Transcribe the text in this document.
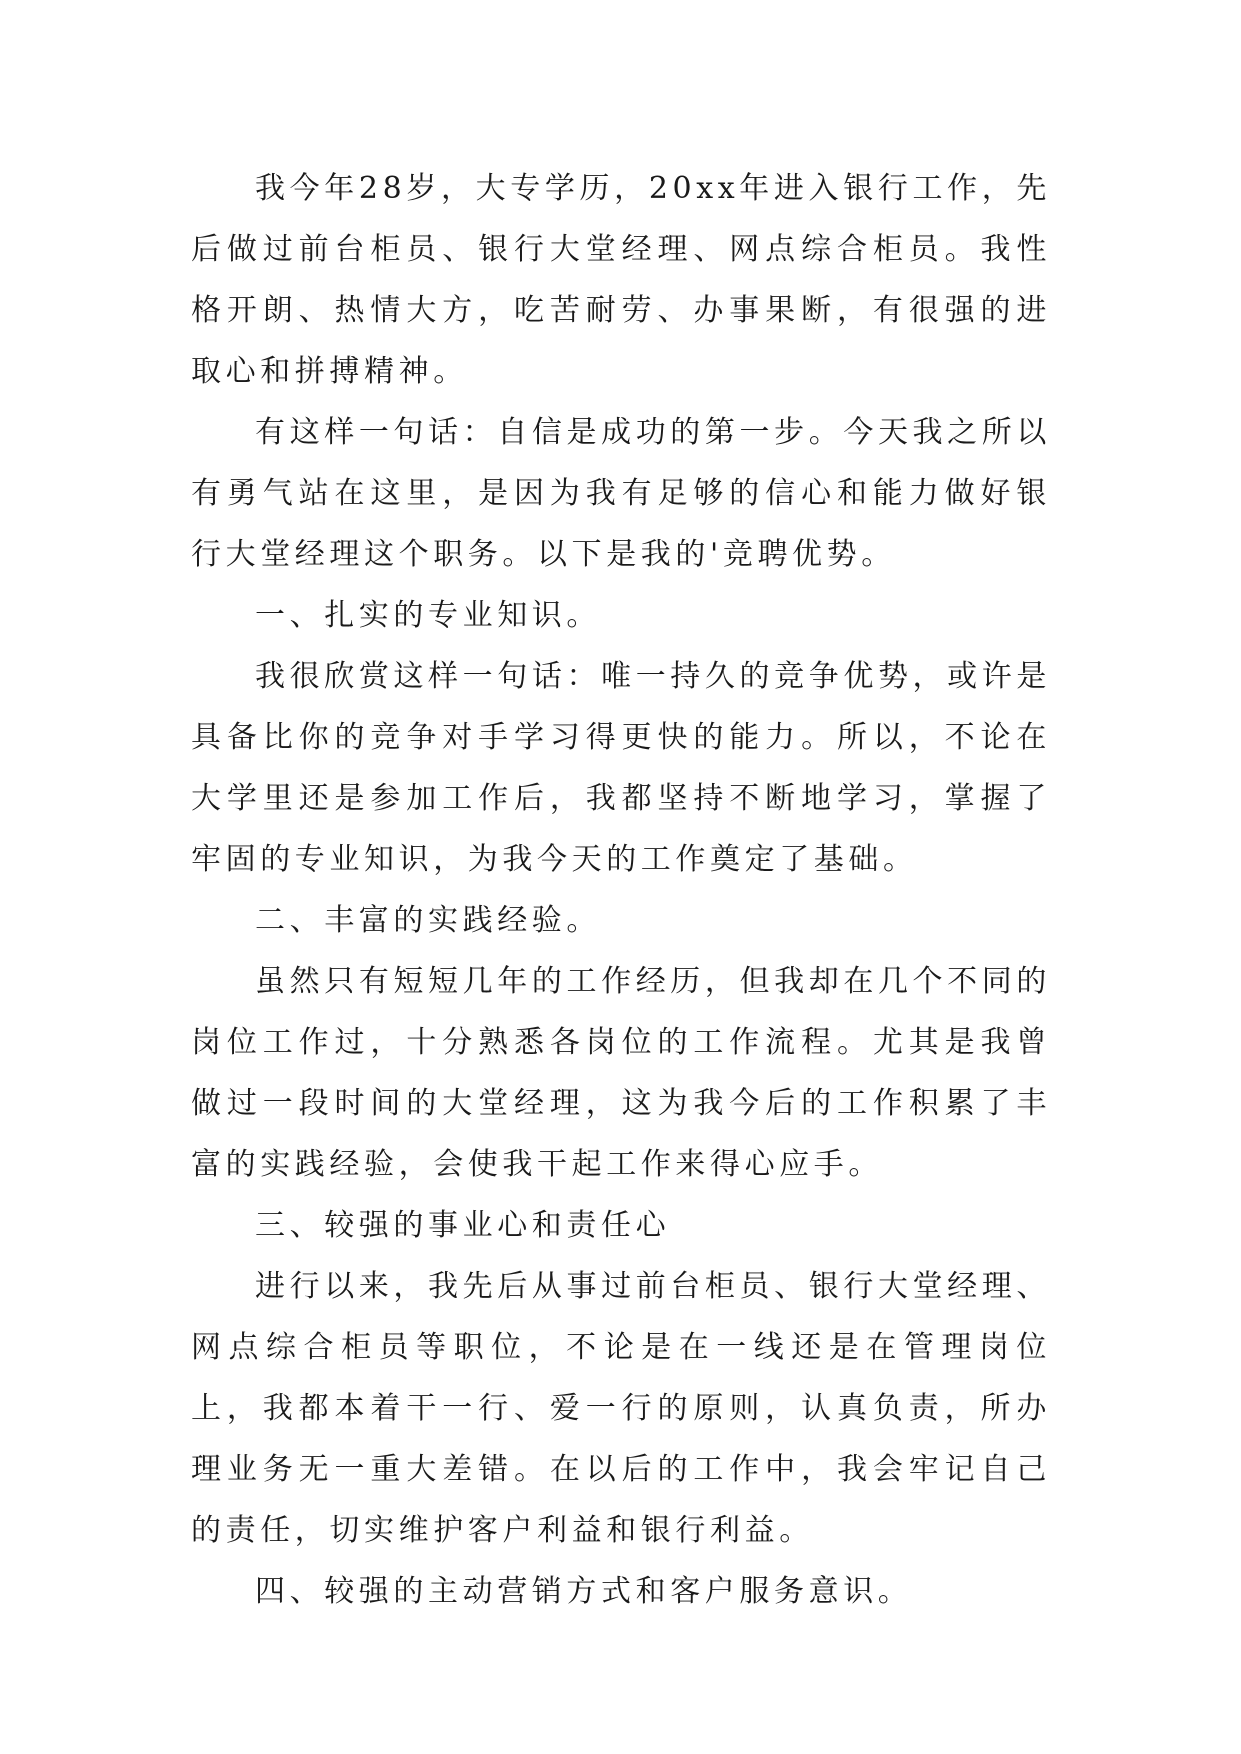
我今年28岁，大专学历，20xx年进入银行工作，先后做过前台柜员、银行大堂经理、网点综合柜员。我性格开朗、热情大方，吃苦耐劳、办事果断，有很强的进取心和拼搏精神。

有这样一句话：自信是成功的第一步。今天我之所以有勇气站在这里，是因为我有足够的信心和能力做好银行大堂经理这个职务。以下是我的'竞聘优势。

一、扎实的专业知识。

我很欣赏这样一句话：唯一持久的竞争优势，或许是具备比你的竞争对手学习得更快的能力。所以，不论在大学里还是参加工作后，我都坚持不断地学习，掌握了牢固的专业知识，为我今天的工作奠定了基础。

二、丰富的实践经验。

虽然只有短短几年的工作经历，但我却在几个不同的岗位工作过，十分熟悉各岗位的工作流程。尤其是我曾做过一段时间的大堂经理，这为我今后的工作积累了丰富的实践经验，会使我干起工作来得心应手。

三、较强的事业心和责任心

进行以来，我先后从事过前台柜员、银行大堂经理、网点综合柜员等职位，不论是在一线还是在管理岗位上，我都本着干一行、爱一行的原则，认真负责，所办理业务无一重大差错。在以后的工作中，我会牢记自己的责任，切实维护客户利益和银行利益。

四、较强的主动营销方式和客户服务意识。
